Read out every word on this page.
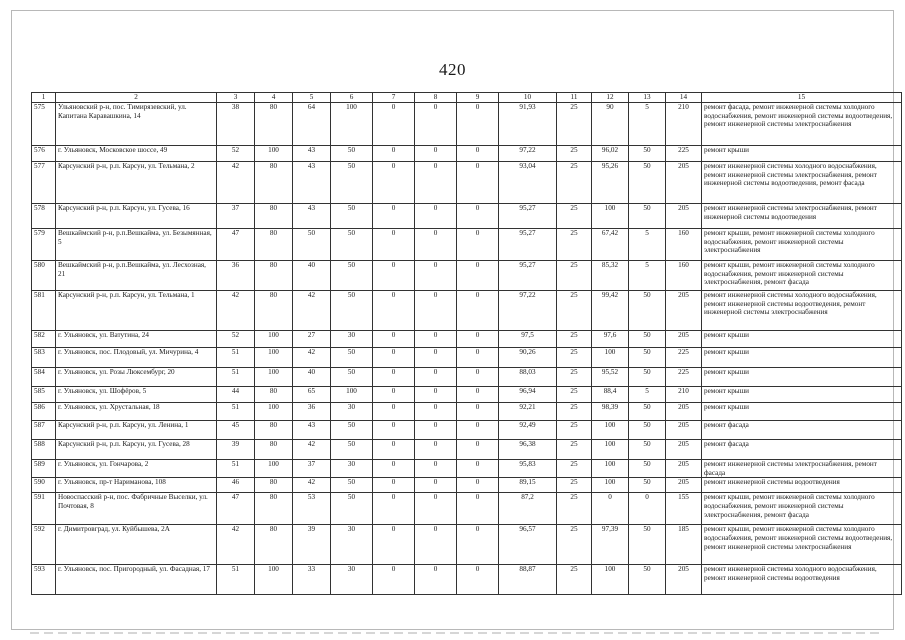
420
1	2	3	4	5	6	7	8	9	10	11	12	13	14	15
575	Ульяновский р-н, пос. Тимирязевский, ул. Капитана Каравашкина, 14	38	80	64	100	0	0	0	91,93	25	90	5	210	ремонт фасада, ремонт инженерной системы холодного водоснабжения, ремонт инженерной системы водоотведения, ремонт инженерной системы электроснабжения
576	г. Ульяновск, Московское шоссе, 49	52	100	43	50	0	0	0	97,22	25	96,02	50	225	ремонт крыши
577	Карсунский р-н, р.п. Карсун, ул. Тельмана, 2	42	80	43	50	0	0	0	93,04	25	95,26	50	205	ремонт инженерной системы холодного водоснабжения, ремонт инженерной системы электроснабжения, ремонт инженерной системы водоотведения, ремонт фасада
578	Карсунский р-н, р.п. Карсун, ул. Гусева, 16	37	80	43	50	0	0	0	95,27	25	100	50	205	ремонт инженерной системы электроснабжения, ремонт инженерной системы водоотведения
579	Вешкаймский р-н, р.п.Вешкайма, ул. Безымянная, 5	47	80	50	50	0	0	0	95,27	25	67,42	5	160	ремонт крыши, ремонт инженерной системы холодного водоснабжения, ремонт инженерной системы электроснабжения
580	Вешкаймский р-н, р.п.Вешкайма, ул. Лесхозная, 21	36	80	40	50	0	0	0	95,27	25	85,32	5	160	ремонт крыши, ремонт инженерной системы холодного водоснабжения, ремонт инженерной системы электроснабжения, ремонт фасада
581	Карсунский р-н, р.п. Карсун, ул. Тельмана, 1	42	80	42	50	0	0	0	97,22	25	99,42	50	205	ремонт инженерной системы холодного водоснабжения, ремонт инженерной системы водоотведения, ремонт инженерной системы электроснабжения
582	г. Ульяновск, ул. Ватутина, 24	52	100	27	30	0	0	0	97,5	25	97,6	50	205	ремонт крыши
583	г. Ульяновск, пос. Плодовый, ул. Мичурина, 4	51	100	42	50	0	0	0	90,26	25	100	50	225	ремонт крыши
584	г. Ульяновск, ул. Розы Люксембург, 20	51	100	40	50	0	0	0	88,03	25	95,52	50	225	ремонт крыши
585	г. Ульяновск, ул. Шофёров, 5	44	80	65	100	0	0	0	96,94	25	88,4	5	210	ремонт крыши
586	г. Ульяновск, ул. Хрустальная, 18	51	100	36	30	0	0	0	92,21	25	98,39	50	205	ремонт крыши
587	Карсунский р-н, р.п. Карсун, ул. Ленина, 1	45	80	43	50	0	0	0	92,49	25	100	50	205	ремонт фасада
588	Карсунский р-н, р.п. Карсун, ул. Гусева, 28	39	80	42	50	0	0	0	96,38	25	100	50	205	ремонт фасада
589	г. Ульяновск, ул. Гончарова, 2	51	100	37	30	0	0	0	95,83	25	100	50	205	ремонт инженерной системы электроснабжения, ремонт фасада
590	г. Ульяновск, пр-т Нариманова, 108	46	80	42	50	0	0	0	89,15	25	100	50	205	ремонт инженерной системы водоотведения
591	Новоспасский р-н, пос. Фабричные Выселки, ул. Почтовая, 8	47	80	53	50	0	0	0	87,2	25	0	0	155	ремонт крыши, ремонт инженерной системы холодного водоснабжения, ремонт инженерной системы электроснабжения, ремонт фасада
592	г. Димитровград, ул. Куйбышева, 2А	42	80	39	30	0	0	0	96,57	25	97,39	50	185	ремонт крыши, ремонт инженерной системы холодного водоснабжения, ремонт инженерной системы водоотведения, ремонт инженерной системы электроснабжения
593	г. Ульяновск, пос. Пригородный, ул. Фасадная, 17	51	100	33	30	0	0	0	88,87	25	100	50	205	ремонт инженерной системы холодного водоснабжения, ремонт инженерной системы водоотведения
